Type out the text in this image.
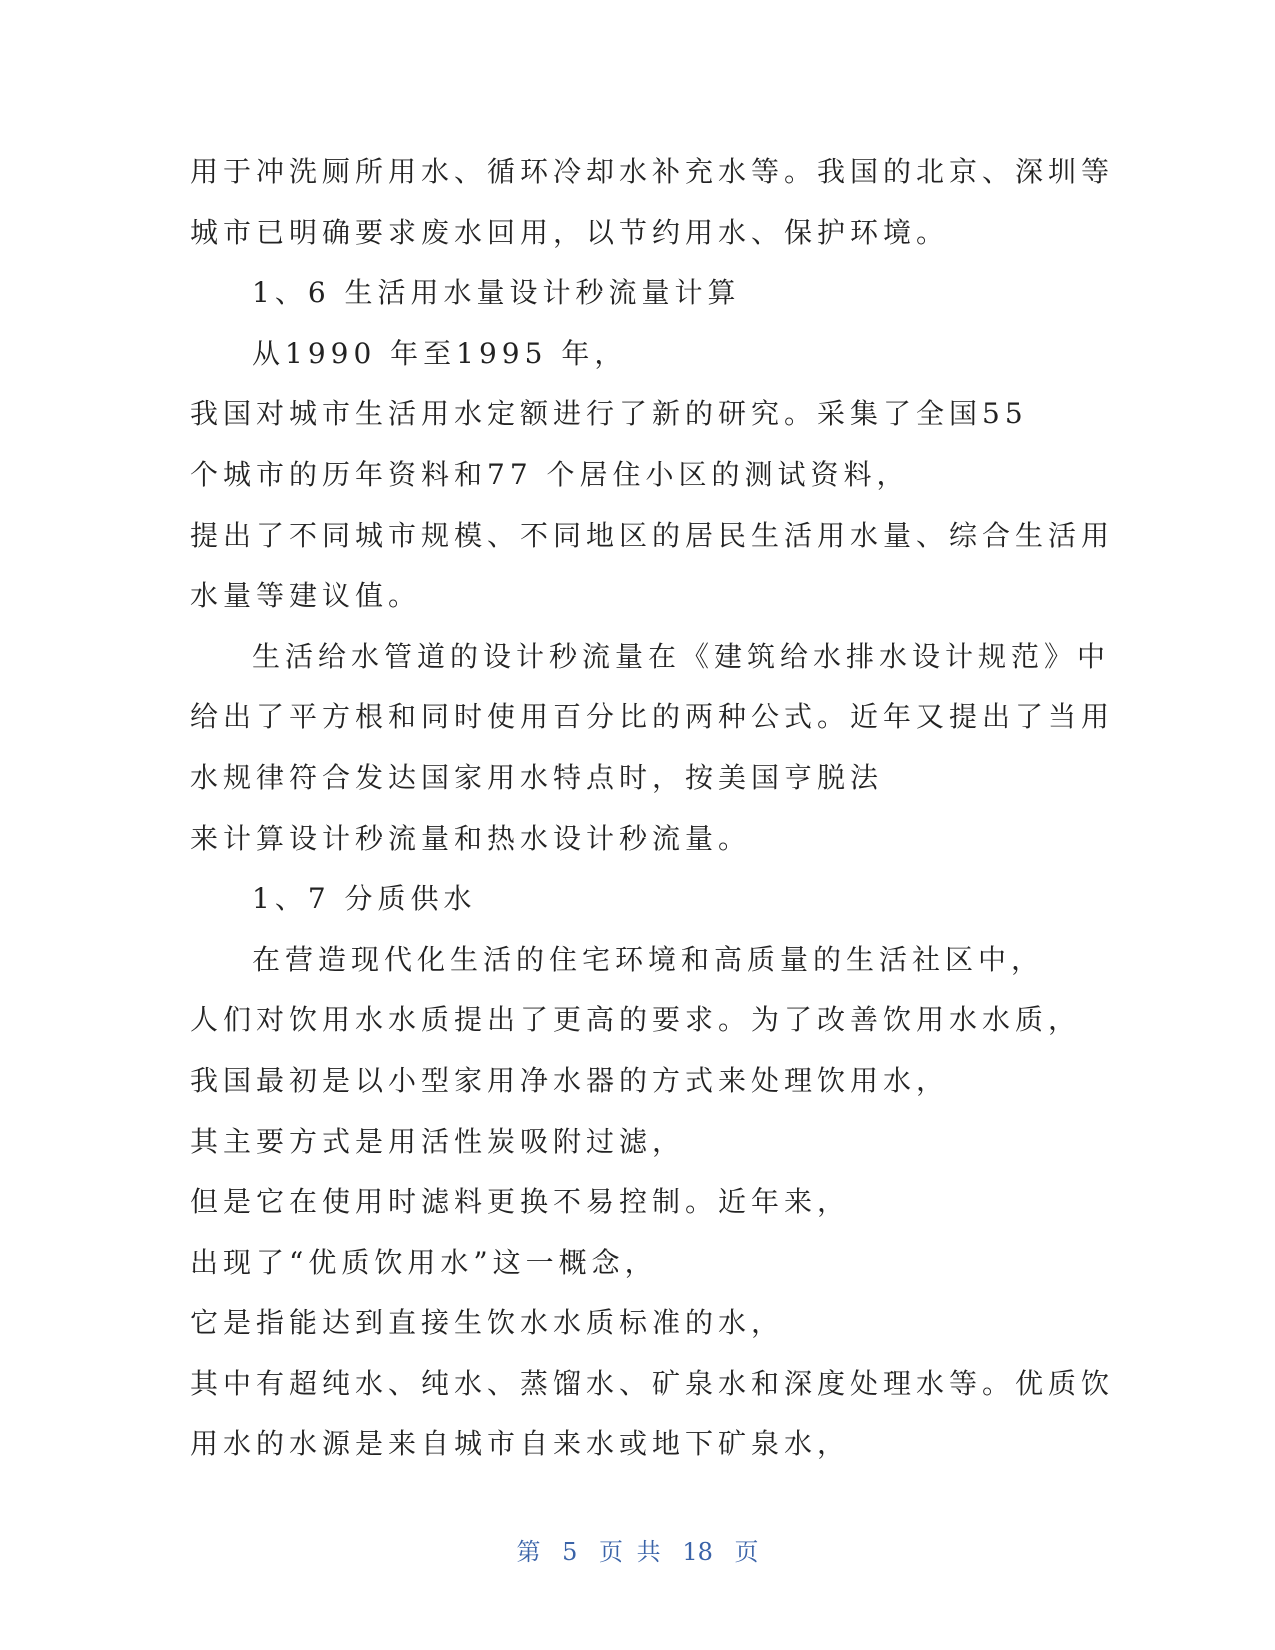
用于冲洗厕所用水、循环冷却水补充水等。我国的北京、深圳等
城市已明确要求废水回用，以节约用水、保护环境。
1、6 生活用水量设计秒流量计算
从1990 年至1995 年，
我国对城市生活用水定额进行了新的研究。采集了全国55
个城市的历年资料和77 个居住小区的测试资料，
提出了不同城市规模、不同地区的居民生活用水量、综合生活用
水量等建议值。
生活给水管道的设计秒流量在《建筑给水排水设计规范》中
给出了平方根和同时使用百分比的两种公式。近年又提出了当用
水规律符合发达国家用水特点时，按美国亨脱法
来计算设计秒流量和热水设计秒流量。
1、7 分质供水
在营造现代化生活的住宅环境和高质量的生活社区中，
人们对饮用水水质提出了更高的要求。为了改善饮用水水质，
我国最初是以小型家用净水器的方式来处理饮用水，
其主要方式是用活性炭吸附过滤，
但是它在使用时滤料更换不易控制。近年来，
出现了“优质饮用水”这一概念，
它是指能达到直接生饮水水质标准的水，
其中有超纯水、纯水、蒸馏水、矿泉水和深度处理水等。优质饮
用水的水源是来自城市自来水或地下矿泉水，
第 5 页 共 18 页
